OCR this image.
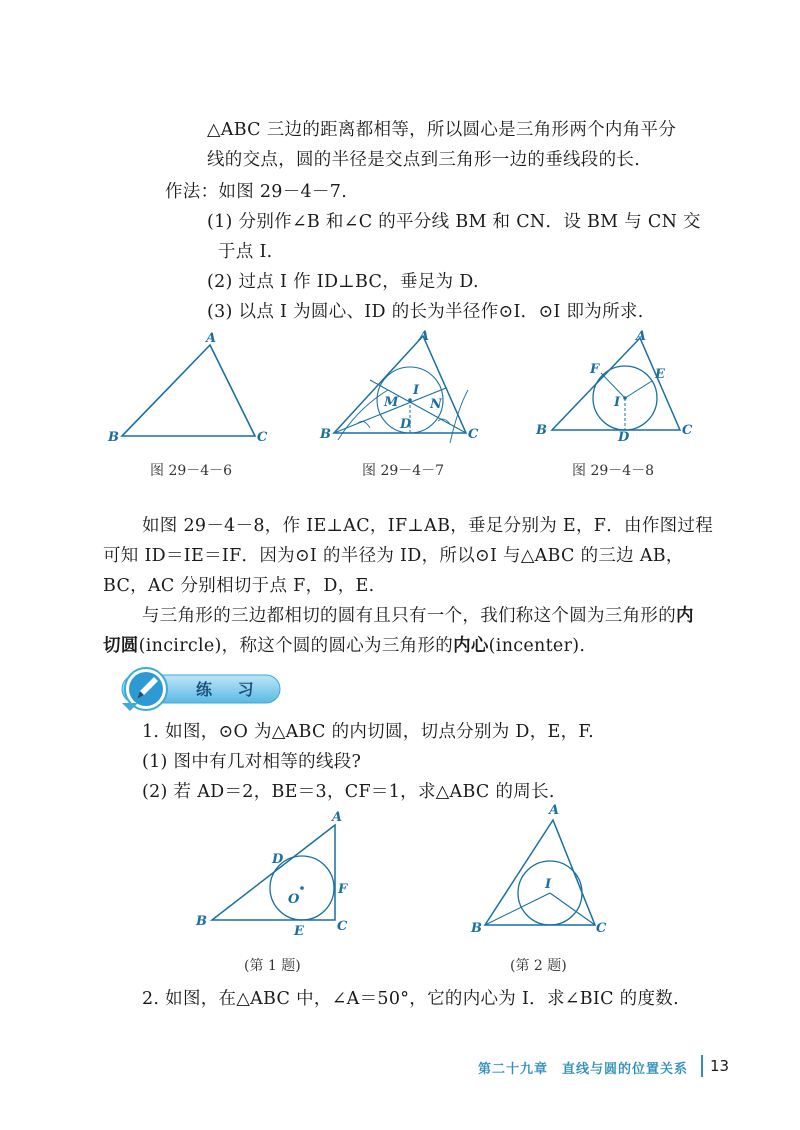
△ABC 三边的距离都相等，所以圆心是三角形两个内角平分
线的交点，圆的半径是交点到三角形一边的垂线段的长.
作法：如图 29－4－7.
(1) 分别作∠B 和∠C 的平分线 BM 和 CN．设 BM 与 CN 交
于点 I.
(2) 过点 I 作 ID⊥BC，垂足为 D.
(3) 以点 I 为圆心、ID 的长为半径作⊙I．⊙I 即为所求.
A
B	C
A
B	C
I
M N
D
A
B	C
D
E
F
I
图 29－4－6	图 29－4－7	图 29－4－8
如图 29－4－8，作 IE⊥AC，IF⊥AB，垂足分别为 E，F．由作图过程
可知 ID＝IE＝IF．因为⊙I 的半径为 ID，所以⊙I 与△ABC 的三边 AB，
BC，AC 分别相切于点 F，D，E.
与三角形的三边都相切的圆有且只有一个，我们称这个圆为三角形的内
切圆(incircle)，称这个圆的圆心为三角形的内心(incenter).
练 习
1. 如图，⊙O 为△ABC 的内切圆，切点分别为 D，E，F.
(1) 图中有几对相等的线段?
(2) 若 AD＝2，BE＝3，CF＝1，求△ABC 的周长.
A
B	C
D
E
F
O
A
B	C
I
(第 1 题)	(第 2 题)
2. 如图，在△ABC 中，∠A＝50°，它的内心为 I．求∠BIC 的度数.
第二十九章　直线与圆的位置关系 13
